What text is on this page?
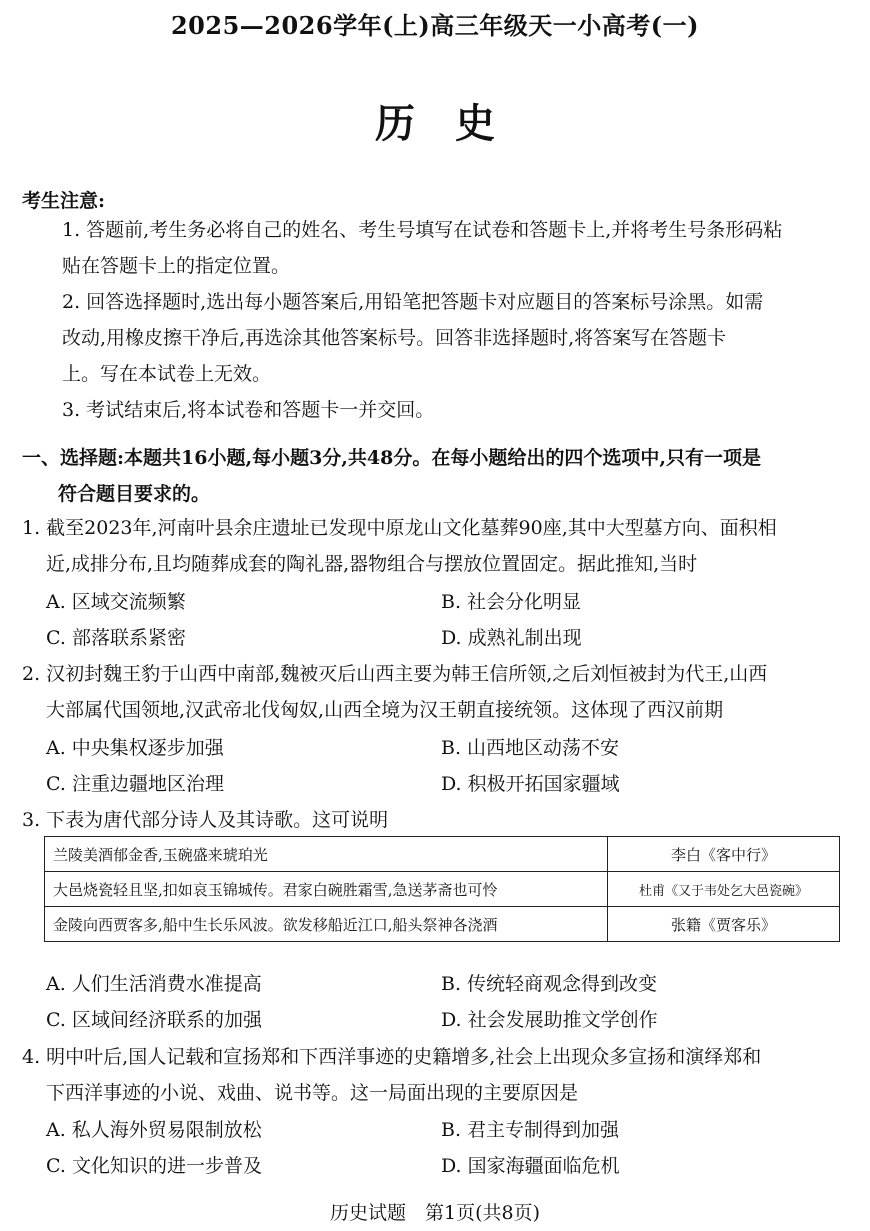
2025—2026学年(上)高三年级天一小高考(一)
历史
考生注意:
1. 答题前,考生务必将自己的姓名、考生号填写在试卷和答题卡上,并将考生号条形码粘
贴在答题卡上的指定位置。
2. 回答选择题时,选出每小题答案后,用铅笔把答题卡对应题目的答案标号涂黑。如需
改动,用橡皮擦干净后,再选涂其他答案标号。回答非选择题时,将答案写在答题卡
上。写在本试卷上无效。
3. 考试结束后,将本试卷和答题卡一并交回。
一、选择题:本题共16小题,每小题3分,共48分。在每小题给出的四个选项中,只有一项是
符合题目要求的。
1. 截至2023年,河南叶县余庄遗址已发现中原龙山文化墓葬90座,其中大型墓方向、面积相
近,成排分布,且均随葬成套的陶礼器,器物组合与摆放位置固定。据此推知,当时
A. 区域交流频繁	B. 社会分化明显
C. 部落联系紧密	D. 成熟礼制出现
2. 汉初封魏王豹于山西中南部,魏被灭后山西主要为韩王信所领,之后刘恒被封为代王,山西
大部属代国领地,汉武帝北伐匈奴,山西全境为汉王朝直接统领。这体现了西汉前期
A. 中央集权逐步加强	B. 山西地区动荡不安
C. 注重边疆地区治理	D. 积极开拓国家疆域
3. 下表为唐代部分诗人及其诗歌。这可说明
兰陵美酒郁金香,玉碗盛来琥珀光	李白《客中行》
大邑烧瓷轻且坚,扣如哀玉锦城传。君家白碗胜霜雪,急送茅斋也可怜	杜甫《又于韦处乞大邑瓷碗》
金陵向西贾客多,船中生长乐风波。欲发移船近江口,船头祭神各浇酒	张籍《贾客乐》
A. 人们生活消费水准提高	B. 传统轻商观念得到改变
C. 区域间经济联系的加强	D. 社会发展助推文学创作
4. 明中叶后,国人记载和宣扬郑和下西洋事迹的史籍增多,社会上出现众多宣扬和演绎郑和
下西洋事迹的小说、戏曲、说书等。这一局面出现的主要原因是
A. 私人海外贸易限制放松	B. 君主专制得到加强
C. 文化知识的进一步普及	D. 国家海疆面临危机
历史试题　第1页(共8页)
